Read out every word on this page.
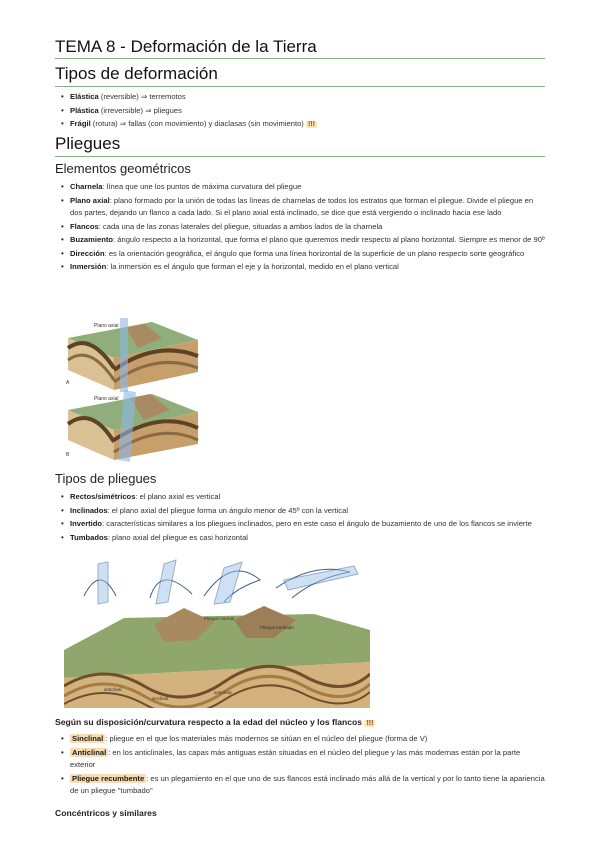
TEMA 8 - Deformación de la Tierra
Tipos de deformación
• Elástica (reversible) ⇒ terremotos
• Plástica (irreversible) ⇒ pliegues
• Frágil (rotura) ⇒ fallas (con movimiento) y diaclasas (sin movimiento) !!!
Pliegues
Elementos geométricos
• Charnela: línea que une los puntos de máxima curvatura del pliegue
• Plano axial: plano formado por la unión de todas las líneas de charnelas de todos los estratos que forman el pliegue. Divide el pliegue en dos partes, dejando un flanco a cada lado. Si el plano axial está inclinado, se dice que está vergiendo o inclinado hacia ese lado
• Flancos: cada una de las zonas laterales del pliegue, situadas a ambos lados de la charnela
• Buzamiento: ángulo respecto a la horizontal, que forma el plano que queremos medir respecto al plano horizontal. Siempre es menor de 90º
• Dirección: es la orientación geográfica, el ángulo que forma una línea horizontal de la superficie de un plano respecto sorte geográfico
• Inmersión: la inmersión es el ángulo que forman el eje y la horizontal, medido en el plano vertical
Plano axial
A
Plano axial
B
Tipos de pliegues
• Rectos/simétricos: el plano axial es vertical
• Inclinados: el plano axial del pliegue forma un ángulo menor de 45º con la vertical
• Invertido: características similares a los pliegues inclinados, pero en este caso el ángulo de buzamiento de uno de los flancos se invierte
• Tumbados: plano axial del pliegue es casi horizontal
Pliegue normal
Pliegue tumbado
anticlinal
sinclinal
anticlinal
Según su disposición/curvatura respecto a la edad del núcleo y los flancos !!!
• Sinclinal : pliegue en el que los materiales más modernos se sitúan en el núcleo del pliegue (forma de V)
• Anticlinal : en los anticlinales, las capas más antiguas están situadas en el núcleo del pliegue y las más modernas están por la parte exterior
• Pliegue recumbente : es un plegamiento en el que uno de sus flancos está inclinado más allá de la vertical y por lo tanto tiene la apariencia de un pliegue "tumbado"
Concéntricos y similares
